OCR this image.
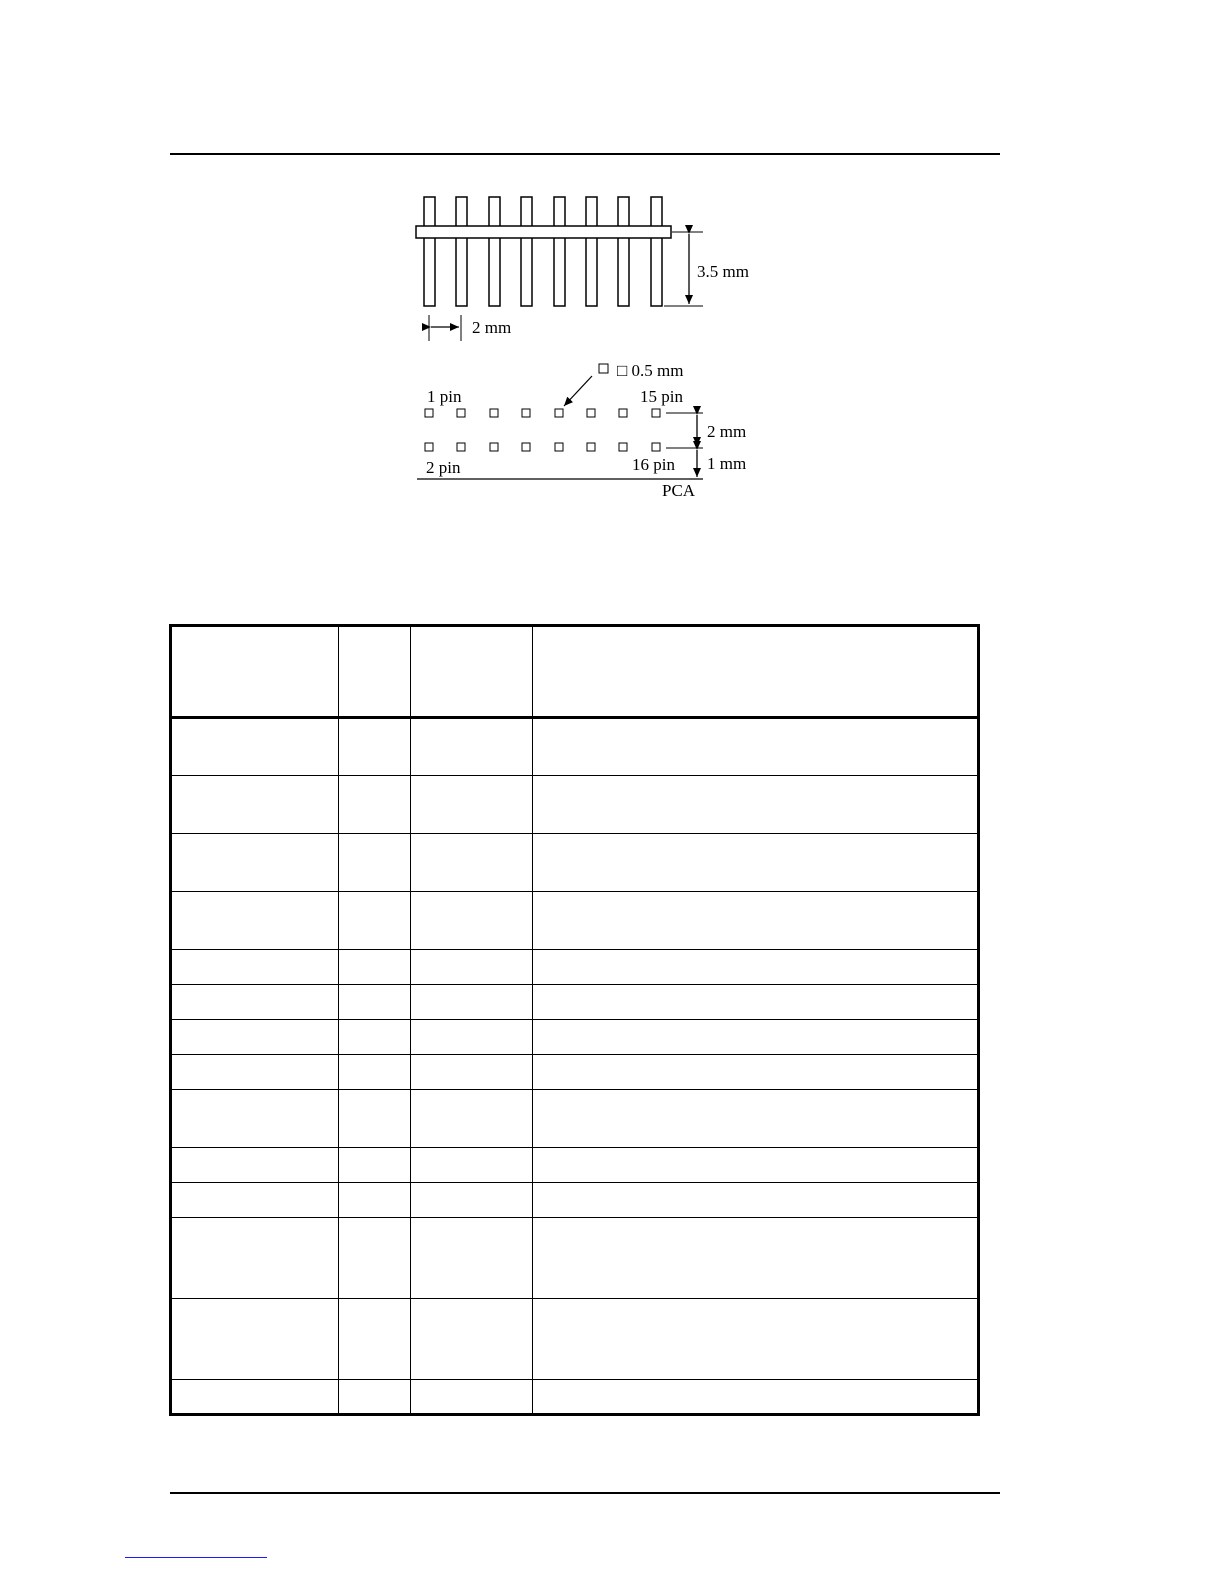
3.5 mm
2 mm
□ 0.5 mm
1 pin	15 pin
2 pin	16 pin
2 mm
1 mm
PCA
